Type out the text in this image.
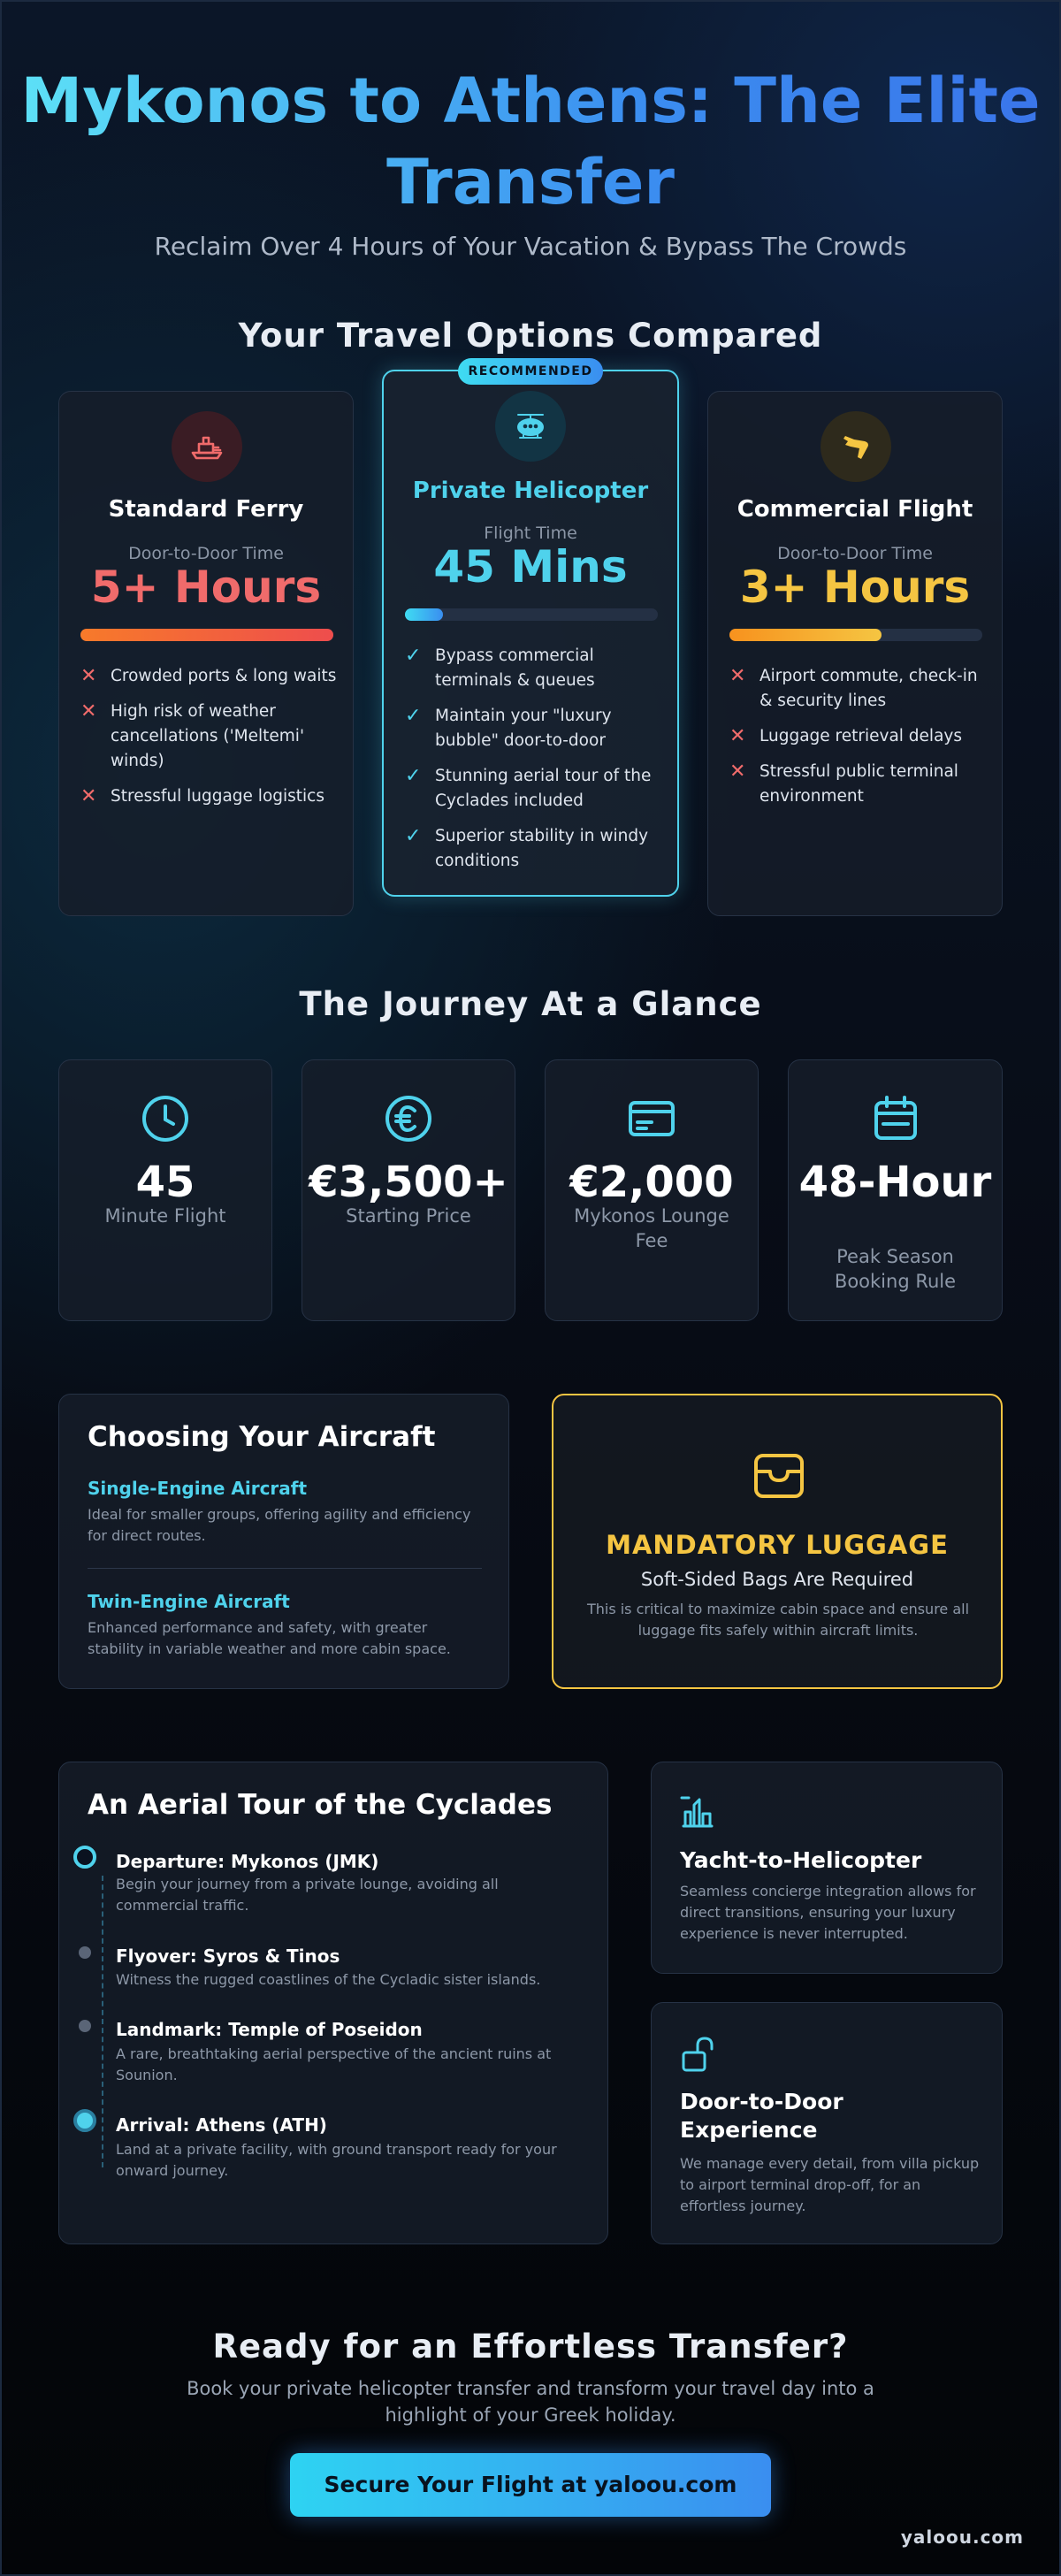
Mykonos to Athens: The Elite Transfer
Reclaim Over 4 Hours of Your Vacation & Bypass The Crowds
Your Travel Options Compared
Standard Ferry
Door-to-Door Time
5+ Hours
✕ Crowded ports & long waits
✕ High risk of weather cancellations ('Meltemi' winds)
✕ Stressful luggage logistics
Private Helicopter
Flight Time
45 Mins
✓ Bypass commercial terminals & queues
✓ Maintain your "luxury bubble" door-to-door
✓ Stunning aerial tour of the Cyclades included
✓ Superior stability in windy conditions
RECOMMENDED
Commercial Flight
Door-to-Door Time
3+ Hours
✕ Airport commute, check-in & security lines
✕ Luggage retrieval delays
✕ Stressful public terminal environment
The Journey At a Glance
45
Minute Flight
€3,500+
Starting Price
€2,000
Mykonos Lounge Fee
48-Hour
Peak Season Booking Rule
Choosing Your Aircraft
Single-Engine Aircraft
Ideal for smaller groups, offering agility and efficiency for direct routes.
Twin-Engine Aircraft
Enhanced performance and safety, with greater stability in variable weather and more cabin space.
MANDATORY LUGGAGE
Soft-Sided Bags Are Required
This is critical to maximize cabin space and ensure all luggage fits safely within aircraft limits.
An Aerial Tour of the Cyclades
Departure: Mykonos (JMK)
Begin your journey from a private lounge, avoiding all commercial traffic.
Flyover: Syros & Tinos
Witness the rugged coastlines of the Cycladic sister islands.
Landmark: Temple of Poseidon
A rare, breathtaking aerial perspective of the ancient ruins at Sounion.
Arrival: Athens (ATH)
Land at a private facility, with ground transport ready for your onward journey.
Yacht-to-Helicopter
Seamless concierge integration allows for direct transitions, ensuring your luxury experience is never interrupted.
Door-to-Door Experience
We manage every detail, from villa pickup to airport terminal drop-off, for an effortless journey.
Ready for an Effortless Transfer?
Book your private helicopter transfer and transform your travel day into a highlight of your Greek holiday.
Secure Your Flight at yaloou.com
yaloou.com
